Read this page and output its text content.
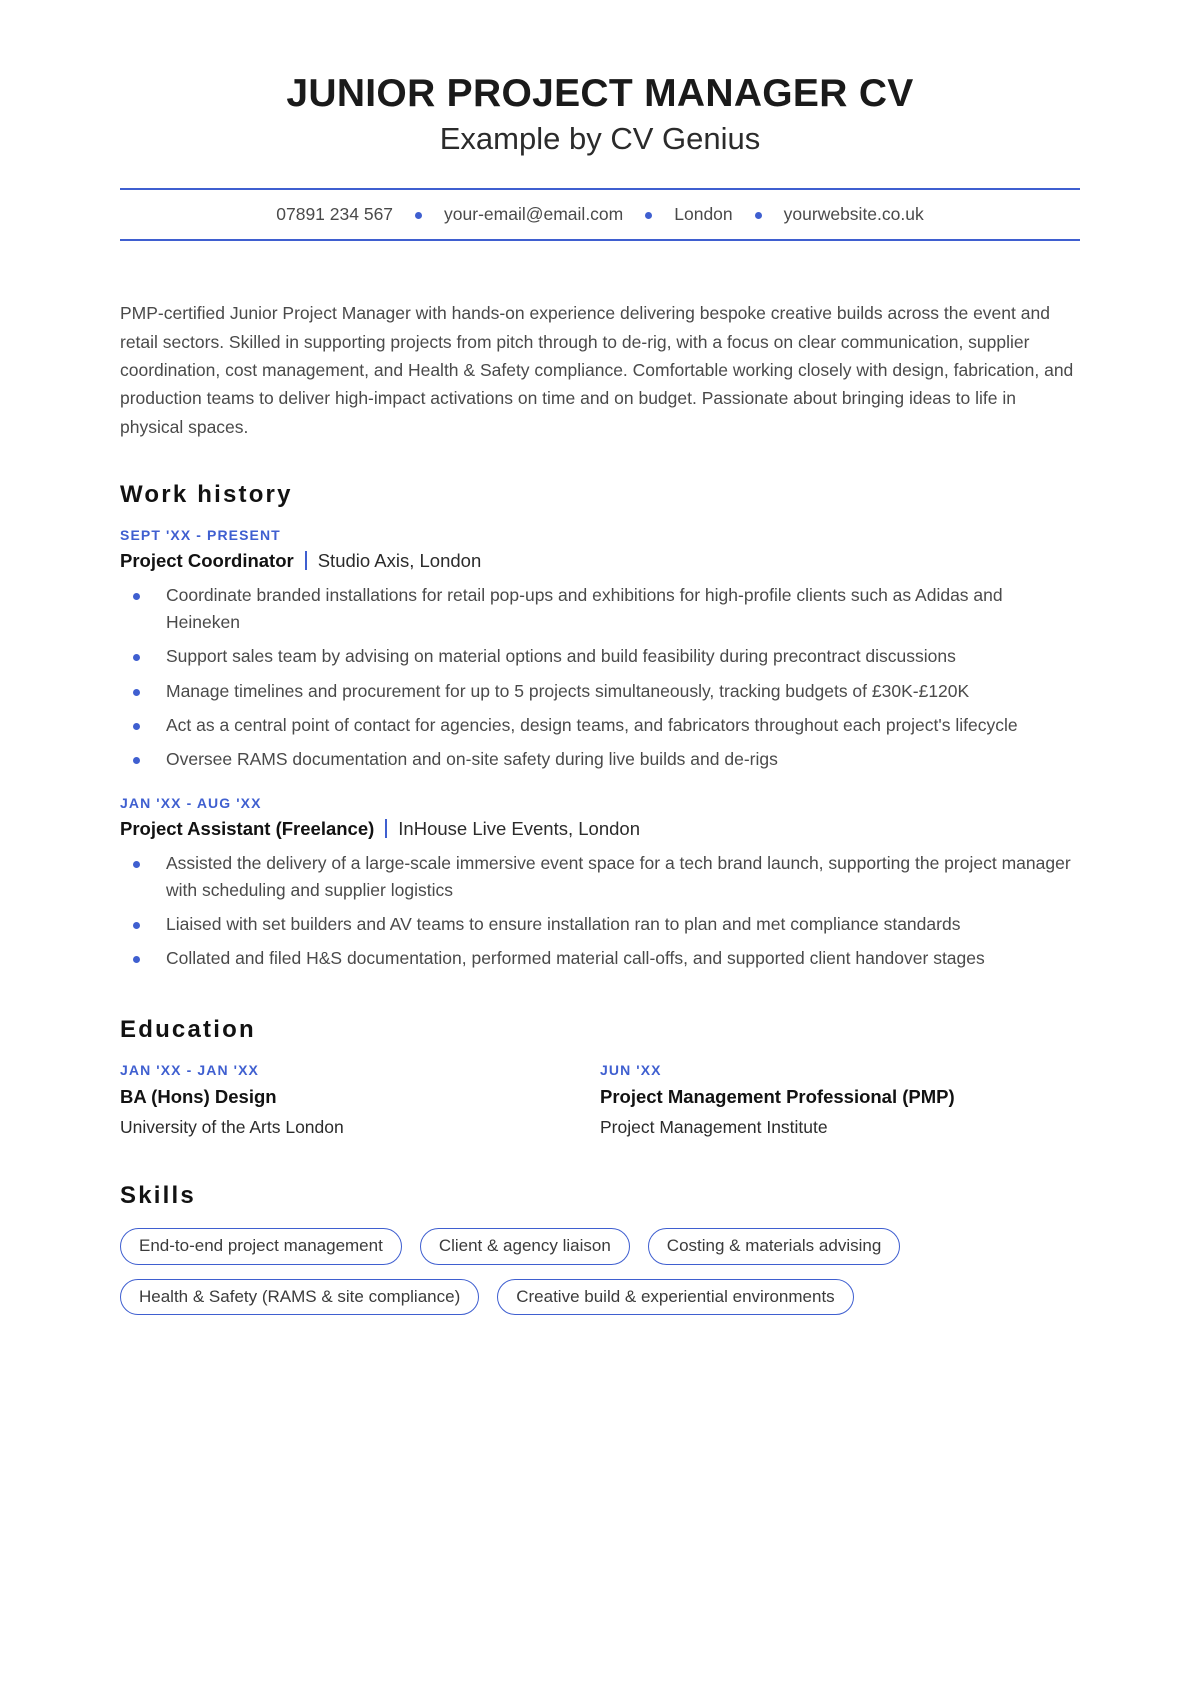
JUNIOR PROJECT MANAGER CV
Example by CV Genius
07891 234 567	your-email@email.com	London	yourwebsite.co.uk

PMP-certified Junior Project Manager with hands-on experience delivering bespoke creative builds across the event and retail sectors. Skilled in supporting projects from pitch through to de-rig, with a focus on clear communication, supplier coordination, cost management, and Health & Safety compliance. Comfortable working closely with design, fabrication, and production teams to deliver high-impact activations on time and on budget. Passionate about bringing ideas to life in physical spaces.

Work history
SEPT 'XX - PRESENT
Project Coordinator Studio Axis, London
Coordinate branded installations for retail pop-ups and exhibitions for high-profile clients such as Adidas and Heineken
Support sales team by advising on material options and build feasibility during precontract discussions
Manage timelines and procurement for up to 5 projects simultaneously, tracking budgets of £30K-£120K
Act as a central point of contact for agencies, design teams, and fabricators throughout each project's lifecycle
Oversee RAMS documentation and on-site safety during live builds and de-rigs
JAN 'XX - AUG 'XX
Project Assistant (Freelance) InHouse Live Events, London
Assisted the delivery of a large-scale immersive event space for a tech brand launch, supporting the project manager with scheduling and supplier logistics
Liaised with set builders and AV teams to ensure installation ran to plan and met compliance standards
Collated and filed H&S documentation, performed material call-offs, and supported client handover stages
Education
JAN 'XX - JAN 'XX
BA (Hons) Design
University of the Arts London
JUN 'XX
Project Management Professional (PMP)
Project Management Institute
Skills
End-to-end project management	Client & agency liaison	Costing & materials advising
Health & Safety (RAMS & site compliance)	Creative build & experiential environments
